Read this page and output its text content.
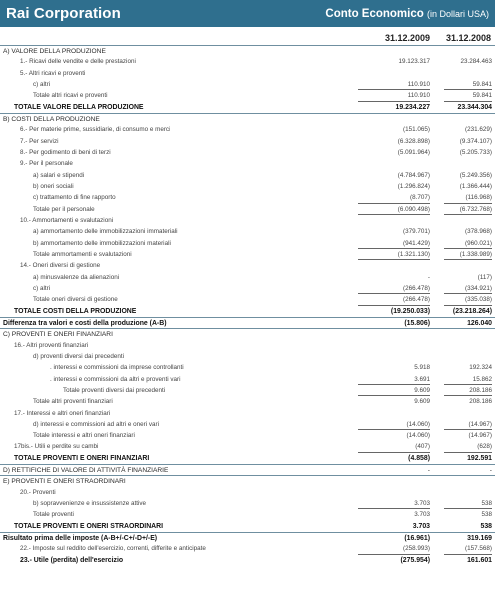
Rai Corporation	Conto Economico (in Dollari USA)
31.12.2009	31.12.2008
A) VALORE DELLA PRODUZIONE
1.- Ricavi delle vendite e delle prestazioni	19.123.317	23.284.463
5.- Altri ricavi e proventi
c) altri	110.910	59.841
Totale altri ricavi e proventi	110.910	59.841
TOTALE VALORE DELLA PRODUZIONE	19.234.227	23.344.304
B) COSTI DELLA PRODUZIONE
6.- Per materie prime, sussidiarie, di consumo e merci	(151.065)	(231.629)
7.- Per servizi	(6.328.898)	(9.374.107)
8.- Per godimento di beni di terzi	(5.091.964)	(5.205.733)
9.- Per il personale
a) salari e stipendi	(4.784.967)	(5.249.356)
b) oneri sociali	(1.296.824)	(1.366.444)
c) trattamento di fine rapporto	(8.707)	(116.968)
Totale per il personale	(6.090.498)	(6.732.768)
10.- Ammortamenti e svalutazioni
a) ammortamento delle immobilizzazioni immateriali	(379.701)	(378.968)
b) ammortamento delle immobilizzazioni materiali	(941.429)	(960.021)
Totale ammortamenti e svalutazioni	(1.321.130)	(1.338.989)
14.- Oneri diversi di gestione
a) minusvalenze da alienazioni	-	(117)
c) altri	(266.478)	(334.921)
Totale oneri diversi di gestione	(266.478)	(335.038)
TOTALE COSTI DELLA PRODUZIONE	(19.250.033)	(23.218.264)
Differenza tra valori e costi della produzione (A-B)	(15.806)	126.040
C) PROVENTI E ONERI FINANZIARI
16.- Altri proventi finanziari
d) proventi diversi dai precedenti
. interessi e commissioni da imprese controllanti	5.918	192.324
. interessi e commissioni da altri e proventi vari	3.691	15.862
Totale proventi diversi dai precedenti	9.609	208.186
Totale altri proventi finanziari	9.609	208.186
17.- Interessi e altri oneri finanziari
d) interessi e commissioni ad altri e oneri vari	(14.060)	(14.967)
Totale interessi e altri oneri finanziari	(14.060)	(14.967)
17bis.- Utili e perdite su cambi	(407)	(628)
TOTALE PROVENTI E ONERI FINANZIARI	(4.858)	192.591
D) RETTIFICHE DI VALORE DI ATTIVITÀ FINANZIARIE	-	-
E) PROVENTI E ONERI STRAORDINARI
20.- Proventi
b) sopravvenienze e insussistenze attive	3.703	538
Totale proventi	3.703	538
TOTALE PROVENTI E ONERI STRAORDINARI	3.703	538
Risultato prima delle imposte (A-B+/-C+/-D+/-E)	(16.961)	319.169
22.- Imposte sul reddito dell'esercizio, correnti, differite e anticipate	(258.993)	(157.568)
23.- Utile (perdita) dell'esercizio	(275.954)	161.601
